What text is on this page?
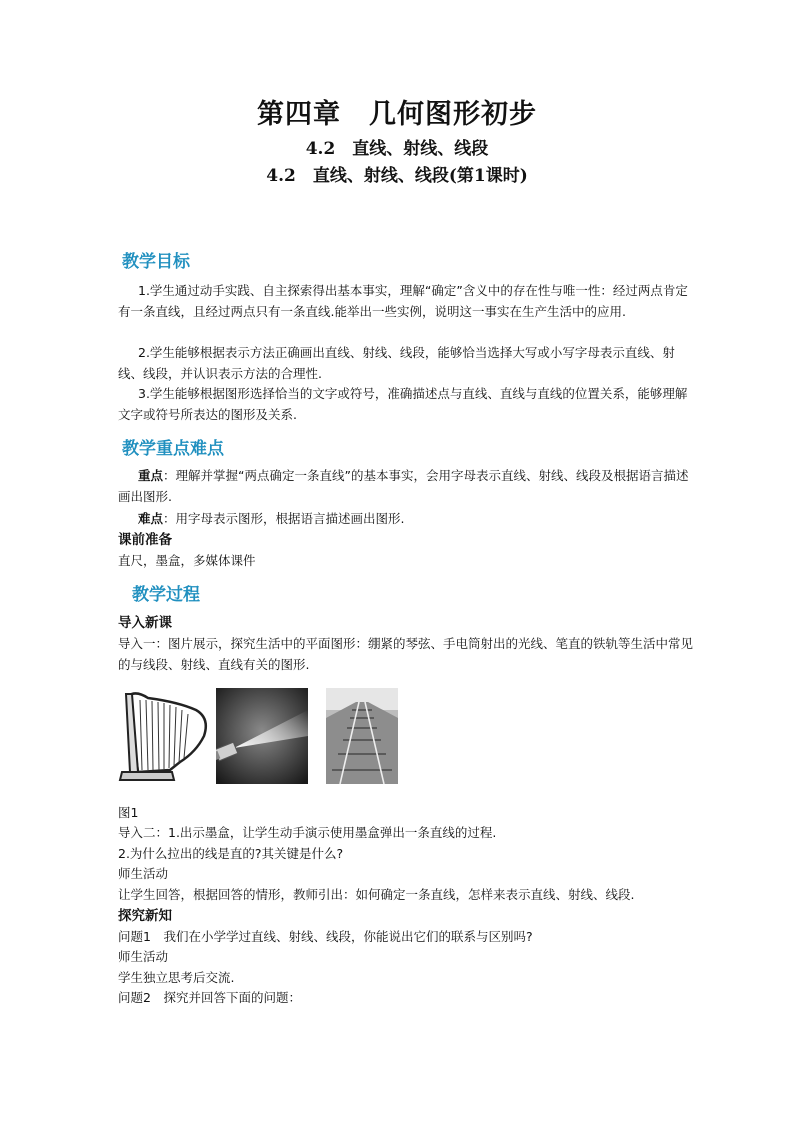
第四章　几何图形初步
4.2　直线、射线、线段
4.2　直线、射线、线段(第1课时)
教学目标
1.学生通过动手实践、自主探索得出基本事实，理解“确定”含义中的存在性与唯一性：经过两点肯定有一条直线，且经过两点只有一条直线.能举出一些实例，说明这一事实在生产生活中的应用.
2.学生能够根据表示方法正确画出直线、射线、线段，能够恰当选择大写或小写字母表示直线、射线、线段，并认识表示方法的合理性.
3.学生能够根据图形选择恰当的文字或符号，准确描述点与直线、直线与直线的位置关系，能够理解文字或符号所表达的图形及关系.
教学重点难点
重点：理解并掌握“两点确定一条直线”的基本事实，会用字母表示直线、射线、线段及根据语言描述画出图形.
难点：用字母表示图形，根据语言描述画出图形.
课前准备
直尺，墨盒，多媒体课件
教学过程
导入新课
导入一：图片展示，探究生活中的平面图形：绷紧的琴弦、手电筒射出的光线、笔直的铁轨等生活中常见的与线段、射线、直线有关的图形.
图1
导入二：1.出示墨盒，让学生动手演示使用墨盒弹出一条直线的过程.
2.为什么拉出的线是直的?其关键是什么?
师生活动
让学生回答，根据回答的情形，教师引出：如何确定一条直线，怎样来表示直线、射线、线段.
探究新知
问题1　我们在小学学过直线、射线、线段，你能说出它们的联系与区别吗?
师生活动
学生独立思考后交流.
问题2　探究并回答下面的问题：
